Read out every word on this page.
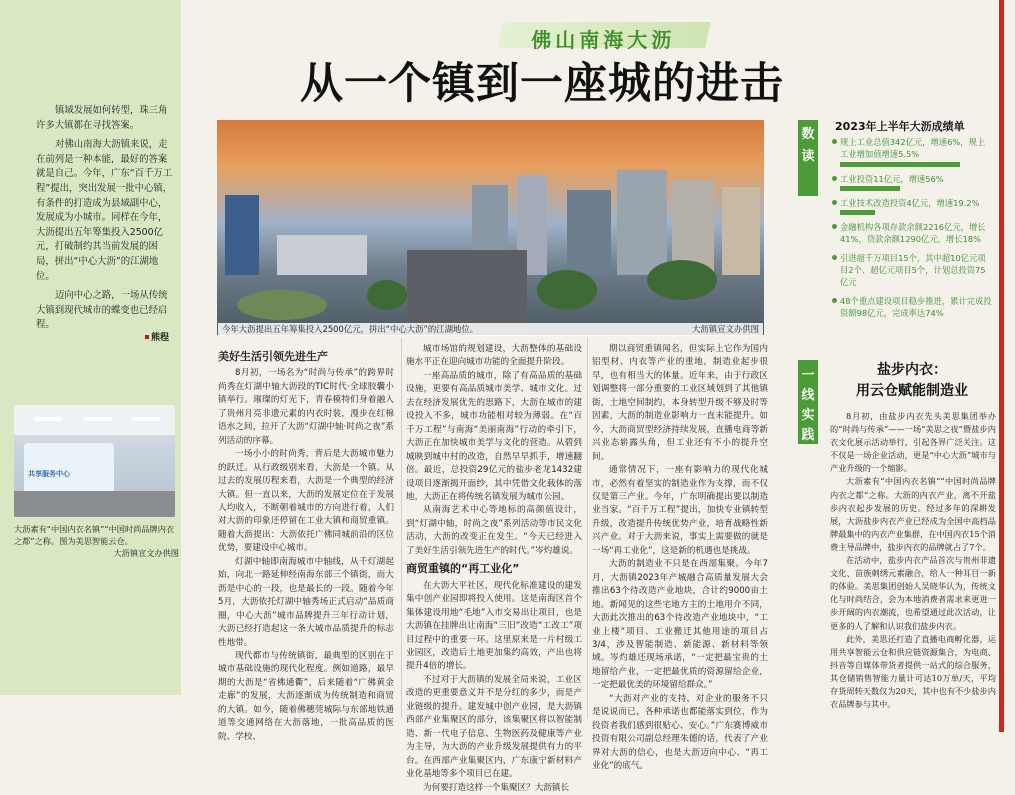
镇域发展如何转型，珠三角许多大镇都在寻找答案。

对佛山南海大沥镇来说，走在前列是一种本能，最好的答案就是自己。今年，广东“百千万工程”提出，突出发展一批中心镇，有条件的打造成为县域副中心，发展成为小城市。同样在今年，大沥提出五年筹集投入2500亿元，打破制约其当前发展的困局，拼出“中心大沥”的江湖地位。

迈向中心之路，一场从传统大镇到现代城市的蝶变也已经启程。

熊程
共享服务中心
大沥素有“中国内衣名镇”“中国时尚品牌内衣之都”之称。图为美思智能云仓。
大沥镇宣文办供图
佛山南海大沥
从一个镇到一座城的进击
今年大沥提出五年筹集投入2500亿元，拼出“中心大沥”的江湖地位。	大沥镇宣文办供图
美好生活引领先进生产

8月初，一场名为“时尚与传承”的跨界时尚秀在灯湖中轴大沥段的TIC时代·全球胶囊小镇举行。璀璨的灯光下，青春模特们身着融入了贵州月亮非遗元素的内衣时装，漫步在红棉语水之间，拉开了大沥“灯湖中轴·时尚之夜”系列活动的序幕。

一场小小的时尚秀，背后是大沥城市魅力的跃迁。从行政级别来看，大沥是一个镇。从过去的发展历程来看，大沥是一个典型的经济大镇。但一直以来，大沥的发展定位在于发展人均收入，不断朝着城市的方向进行着，人们对大沥的印象还停留在工业大镇和商贸重镇。随着大沥提出：大沥依托广佛同城前沿的区位优势，要建设中心城市。

灯湖中轴即南海城市中轴线，从千灯湖起始，向北一路延伸经南海东部三个镇街，而大沥是中心的一段，也是最长的一段。随着今年5月，大沥依托灯湖中轴秀场正式启动“品质商圈，中心大沥”城市品牌提升三年行动计划，大沥已经打造起这一条大城市品质提升的标志性地带。

现代都市与传统镇街，最典型的区别在于城市基础设施的现代化程度。例如道路，最早期的大沥是“省佛通衢”，后来随着“广佛黄金走廊”的发展，大沥逐渐成为传统制造和商贸的大镇。如今，随着佛穗莞城际与东部地铁通道等交通网络在大沥落地，一批高品质的医院、学校、

城市场馆的规划建设，大沥整体的基础设施水平正在迎向城市功能的全面提升阶段。

一座高品质的城市，除了有高品质的基础设施，更要有高品质城市美学、城市文化。过去在经济发展优先的思路下，大沥在城市的建设投入不多，城市功能相对较为薄弱。在“百千万工程”与南海“美丽南海”行动的牵引下，大沥正在加快城市美学与文化的营造。从碧到城映到城中村的改造，自然早早抓手，增速翻倍。最近，总投资29亿元的盐步老龙1432建设项目逐渐揭开面纱，其中凭借文化载体的落地，大沥正在将传统名镇发展为城市公园。

从南海艺术中心等地标的高颜值设计，到“灯湖中轴，时尚之夜”系列活动等市民文化活动，大沥的改变正在发生。“今天已经进入了美好生活引领先进生产的时代。”岑灼雄说。

商贸重镇的“再工业化”

在大沥大平社区，现代化标准建设的建发集中创产业园即将投入使用。这是南海区首个集体建设用地“毛地”入市交易出让项目，也是大沥镇在挂牌出让南海“三旧”改造“工改工”项目过程中的重要一环。这里原来是一片村级工业园区，改造后土地更加集约高效，产出也将提升4倍的增长。

不过对于大沥镇的发展全局来说，工业区改造的更重要意义并不是分红的多少，而是产业链级的提升。建发城中创产业园，是大沥镇西部产业集聚区的部分，该集聚区将以智能制造、新一代电子信息、生物医药及健康等产业为主导，为大沥的产业升级发展提供有力的平台。在西部产业集聚区内，广东康宁新材料产业化基地等多个项目已在建。

为何要打造这样一个集聚区？大沥镇长

期以商贸重镇闻名，但实际上它作为国内铝型材、内衣等产业的重地，制造业起步很早，也有相当大的体量。近年来，由于行政区划调整将一部分重要的工业区域划到了其他镇街，土地空间制约，本身转型升级不够及时等因素，大沥的制造业影响力一直未能提升。如今，大沥商贸型经济持续发展，直播电商等新兴业态崭露头角，但工业还有不小的提升空间。

通常情况下，一座有影响力的现代化城市，必然有着坚实的制造业作为支撑，而不仅仅是第三产业。今年，广东明确提出要以制造业当家。“百千万工程”提出，加快专业镇转型升级，改造提升传统优势产业，培育战略性新兴产业。对于大沥来说，事实上需要做的就是一场“再工业化”，这是新的机遇也是挑战。

大沥的制造业不只是在西部集聚。今年7月，大沥镇2023年产城融合高质量发展大会推出63个待改造产业地块，合计约9000亩土地。新闻见的这些宅地方主的土地用介不同，大沥此次推出的63个待改造产业地块中，“工业上楼”项目、工业搬迁其他用途的项目占3/4，涉及智能制造、新能源、新材料等领域。岑灼雄还现场承诺，“一定把最宝贵的土地留给产业，一定把最优质的资源留给企业，一定把最优美的环境留给群众。”

“大沥对产业的支持，对企业的服务不只是说说而已，各种承诺也都能落实到位，作为投资者我们感到很贴心、安心。”广东赛博威市投资有限公司副总经理朱德的话，代表了产业界对大沥的信心，也是大沥迈向中心、“再工业化”的底气。

数读
2023年上半年大沥成绩单
规上工业总值342亿元，增速6%，规上工业增加值增速5.5%
工业投资11亿元，增速56%
工业技术改造投资4亿元，增速19.2%
金融机构各项存款余额2216亿元，增长41%，贷款余额1290亿元，增长18%
引进超千万项目15个，其中超10亿元项目2个、超亿元项目5个，计划总投资75亿元
48个重点建设项目稳步推进，累计完成投资额98亿元，完成率达74%
一线实践
盐步内衣：
用云仓赋能制造业

8月初，由盐步内衣先头美思集团举办的“时尚与传承”——一场“美思之夜”暨盐步内衣文化展示活动举行，引起各界广泛关注。这不仅是一场企业活动，更是“中心大沥”城市与产业升级的一个缩影。

大沥素有“中国内衣名镇”“中国时尚品牌内衣之都”之称。大沥的内衣产业，离不开盐步内衣起步发展的历史。经过多年的深耕发展，大沥盐步内衣产业已经成为全国中高档品牌最集中的内衣产业集群，在中国内衣15个消费主导品牌中，盐步内衣的品牌就占了7个。

在活动中，盐步内衣产品首次与贵州非遗文化、苗族刺绣元素融合，给人一种耳目一新的体验。美思集团创始人吴晓华认为，传统文化与时尚结合，会为本地消费者需求来更进一步开阔的内衣潮流，也希望通过此次活动，让更多的人了解和认识我们盐步内衣。

此外，美思还打造了直播电商孵化器，运用共享智能云仓和供应链资源集合，为电商、抖音等自媒体带货者提供一站式的综合服务，其仓储销售智能力量计可达10万单/天，平均存货周转天数仅为20天，其中也有不少盐步内衣品牌参与其中。
